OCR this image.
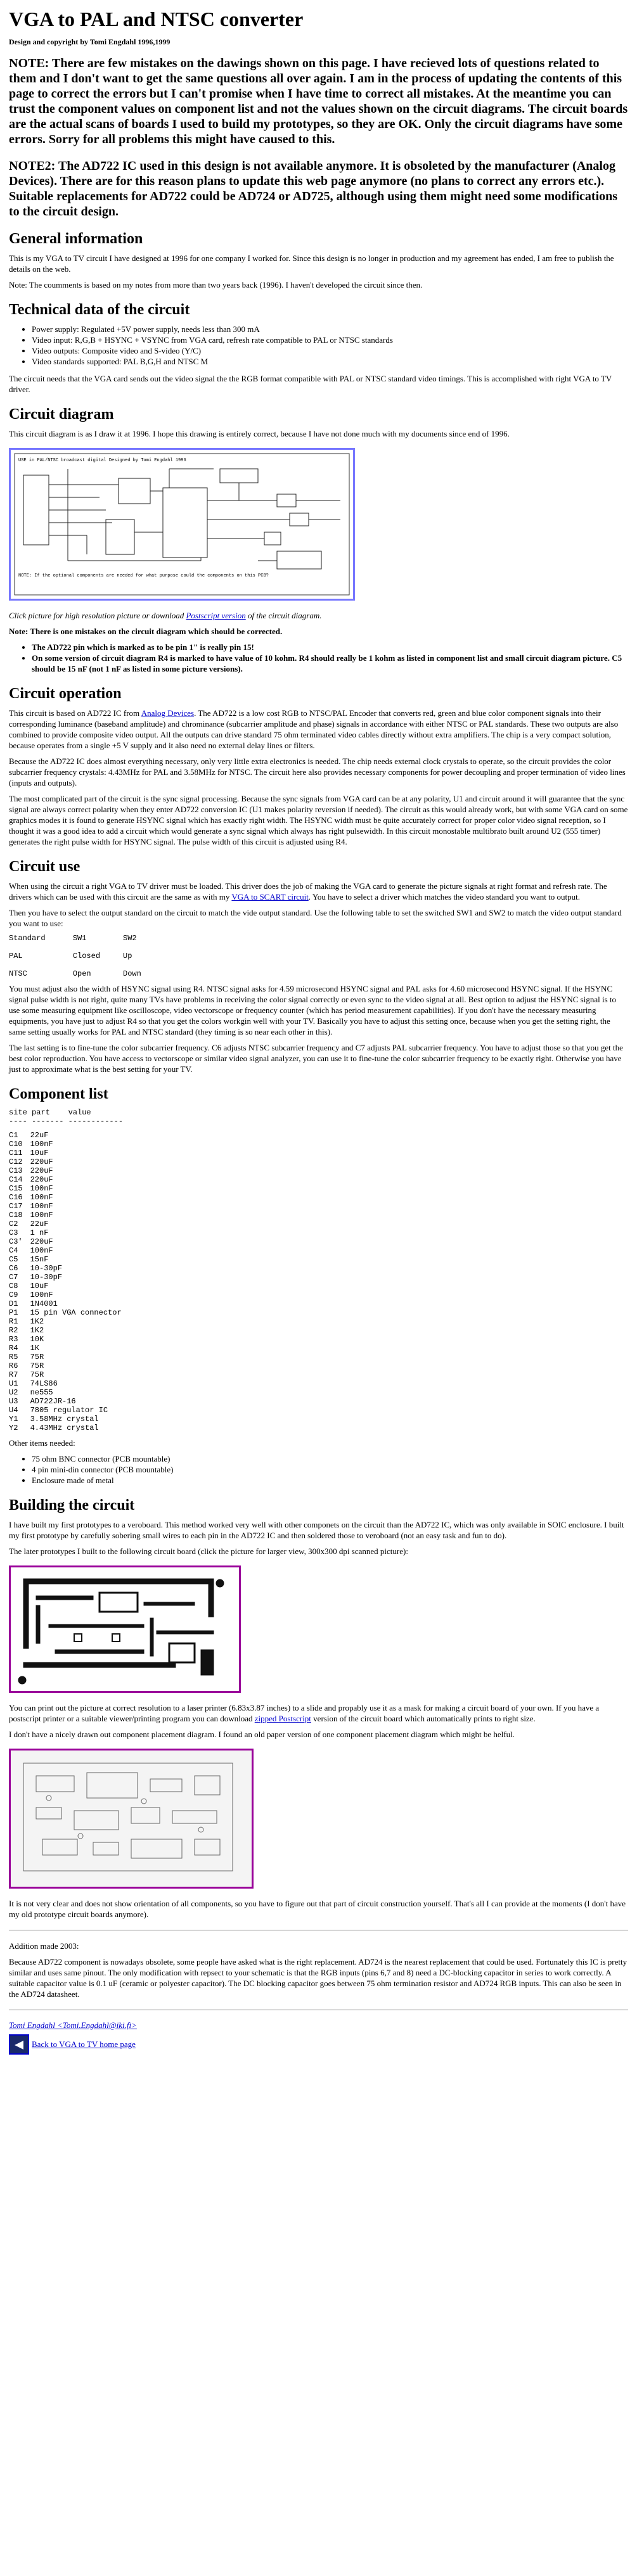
VGA to PAL and NTSC converter
Design and copyright by Tomi Engdahl 1996,1999

NOTE: There are few mistakes on the dawings shown on this page. I have recieved lots of questions related to them and I don't want to get the same questions all over again. I am in the process of updating the contents of this page to correct the errors but I can't promise when I have time to correct all mistakes. At the meantime you can trust the component values on component list and not the values shown on the circuit diagrams. The circuit boards are the actual scans of boards I used to build my prototypes, so they are OK. Only the circuit diagrams have some errors. Sorry for all problems this might have caused to this.

NOTE2: The AD722 IC used in this design is not available anymore. It is obsoleted by the manufacturer (Analog Devices). There are for this reason plans to update this web page anymore (no plans to correct any errors etc.). Suitable replacements for AD722 could be AD724 or AD725, although using them might need some modifications to the circuit design.

General information

This is my VGA to TV circuit I have designed at 1996 for one company I worked for. Since this design is no longer in production and my agreement has ended, I am free to publish the details on the web.

Note: The coumments is based on my notes from more than two years back (1996). I haven't developed the circuit since then.

Technical data of the circuit
• Power supply: Regulated +5V power supply, needs less than 300 mA
• Video input: R,G,B + HSYNC + VSYNC from VGA card, refresh rate compatible to PAL or NTSC standards
• Video outputs: Composite video and S-video (Y/C)
• Video standards supported: PAL B,G,H and NTSC M

The circuit needs that the VGA card sends out the video signal the the RGB format compatible with PAL or NTSC standard video timings. This is accomplished with right VGA to TV driver.

Circuit diagram

This circuit diagram is as I draw it at 1996. I hope this drawing is entirely correct, because I have not done much with my documents since end of 1996.

USE in PAL/NTSC broadcast digital Designed by Tomi Engdahl 1996
NOTE: If the optional components are needed for what purpose could the components on this PCB?

Click picture for high resolution picture or download Postscript version of the circuit diagram.

Note: There is one mistakes on the circuit diagram which should be corrected.

• The AD722 pin which is marked as to be pin 1" is really pin 15!
• On some version of circuit diagram R4 is marked to have value of 10 kohm. R4 should really be 1 kohm as listed in component list and small circuit diagram picture. C5 should be 15 nF (not 1 nF as listed in some picture versions).
Circuit operation

This circuit is based on AD722 IC from Analog Devices. The AD722 is a low cost RGB to NTSC/PAL Encoder that converts red, green and blue color component signals into their corresponding luminance (baseband amplitude) and chrominance (subcarrier amplitude and phase) signals in accordance with either NTSC or PAL standards. These two outputs are also combined to provide composite video output. All the outputs can drive standard 75 ohm terminated video cables directly without extra amplifiers. The chip is a very compact solution, because operates from a single +5 V supply and it also need no external delay lines or filters.

Because the AD722 IC does almost everything necessary, only very little extra electronics is needed. The chip needs external clock crystals to operate, so the circuit provides the color subcarrier frequency crystals: 4.43MHz for PAL and 3.58MHz for NTSC. The circuit here also provides necessary components for power decoupling and proper termination of video lines (inputs and outputs).

The most complicated part of the circuit is the sync signal processing. Because the sync signals from VGA card can be at any polarity, U1 and circuit around it will guarantee that the sync signal are always correct polarity when they enter AD722 conversion IC (U1 makes polarity reversion if needed). The circuit as this would already work, but with some VGA card on some graphics modes it is found to generate HSYNC signal which has exactly right width. The HSYNC width must be quite accurately correct for proper color video signal reception, so I thought it was a good idea to add a circuit which would generate a sync signal which always has right pulsewidth. In this circuit monostable multibrato built around U2 (555 timer) generates the right pulse width for HSYNC signal. The pulse width of this circuit is adjusted using R4.

Circuit use

When using the circuit a right VGA to TV driver must be loaded. This driver does the job of making the VGA card to generate the picture signals at right format and refresh rate. The drivers which can be used with this circuit are the same as with my VGA to SCART circuit. You have to select a driver which matches the video standard you want to output.

Then you have to select the output standard on the circuit to match the vide output standard. Use the following table to set the switched SW1 and SW2 to match the video output standard you want to use:

Standard      SW1        SW2

PAL           Closed     Up

NTSC          Open       Down

You must adjust also the width of HSYNC signal using R4. NTSC signal asks for 4.59 microsecond HSYNC signal and PAL asks for 4.60 microsecond HSYNC signal. If the HSYNC signal pulse width is not right, quite many TVs have problems in receiving the color signal correctly or even sync to the video signal at all. Best option to adjust the HSYNC signal is to use some measuring equipment like oscilloscope, video vectorscope or frequency counter (which has period measurement capabilities). If you don't have the necessary measuring equipments, you have just to adjust R4 so that you get the colors workgin well with your TV. Basically you have to adjust this setting once, because when you get the setting right, the same setting usually works for PAL and NTSC standard (they timing is so near each other in this).

The last setting is to fine-tune the color subcarrier frequency. C6 adjusts NTSC subcarrier frequency and C7 adjusts PAL subcarrier frequency. You have to adjust those so that you get the best color reproduction. You have access to vectorscope or similar video signal analyzer, you can use it to fine-tune the color subcarrier frequency to be exactly right. Otherwise you have just to approximate what is the best setting for your TV.

Component list
site part    value
---- ------- ------------
C1	22uF
C10	100nF
C11	10uF
C12	220uF
C13	220uF
C14	220uF
C15	100nF
C16	100nF
C17	100nF
C18	100nF
C2	22uF
C3	1 nF
C3'	220uF
C4	100nF
C5	15nF
C6	10-30pF
C7	10-30pF
C8	10uF
C9	100nF
D1	1N4001
P1	15 pin VGA connector
R1	1K2
R2	1K2
R3	10K
R4	1K
R5	75R
R6	75R
R7	75R
U1	74LS86
U2	ne555
U3	AD722JR-16
U4	7805 regulator IC
Y1	3.58MHz crystal
Y2	4.43MHz crystal

Other items needed:

• 75 ohm BNC connector (PCB mountable)
• 4 pin mini-din connector (PCB mountable)
• Enclosure made of metal
Building the circuit

I have built my first prototypes to a veroboard. This method worked very well with other componets on the circuit than the AD722 IC, which was only available in SOIC enclosure. I built my first prototype by carefully sobering small wires to each pin in the AD722 IC and then soldered those to veroboard (not an easy task and fun to do).

The later prototypes I built to the following circuit board (click the picture for larger view, 300x300 dpi scanned picture):

You can print out the picture at correct resolution to a laser printer (6.83x3.87 inches) to a slide and propably use it as a mask for making a circuit board of your own. If you have a postscript printer or a suitable viewer/printing program you can download zipped Postscript version of the circuit board which automatically prints to right size.

I don't have a nicely drawn out component placement diagram. I found an old paper version of one component placement diagram which might be helful.

It is not very clear and does not show orientation of all components, so you have to figure out that part of circuit construction yourself. That's all I can provide at the moments (I don't have my old prototype circuit boards anymore).

Addition made 2003:

Because AD722 component is nowadays obsolete, some people have asked what is the right replacement. AD724 is the nearest replacement that could be used. Fortunately this IC is pretty similar and uses same pinout. The only modification with repsect to your schematic is that the RGB inputs (pins 6,7 and 8) need a DC-blocking capacitor in series to work correctly. A suitable capacitor value is 0.1 uF (ceramic or polyester capacitor). The DC blocking capacitor goes between 75 ohm termination resistor and AD724 RGB inputs. This can also be seen in the AD724 datasheet.

Tomi Engdahl <Tomi.Engdahl@iki.fi>
Back to VGA to TV home page
